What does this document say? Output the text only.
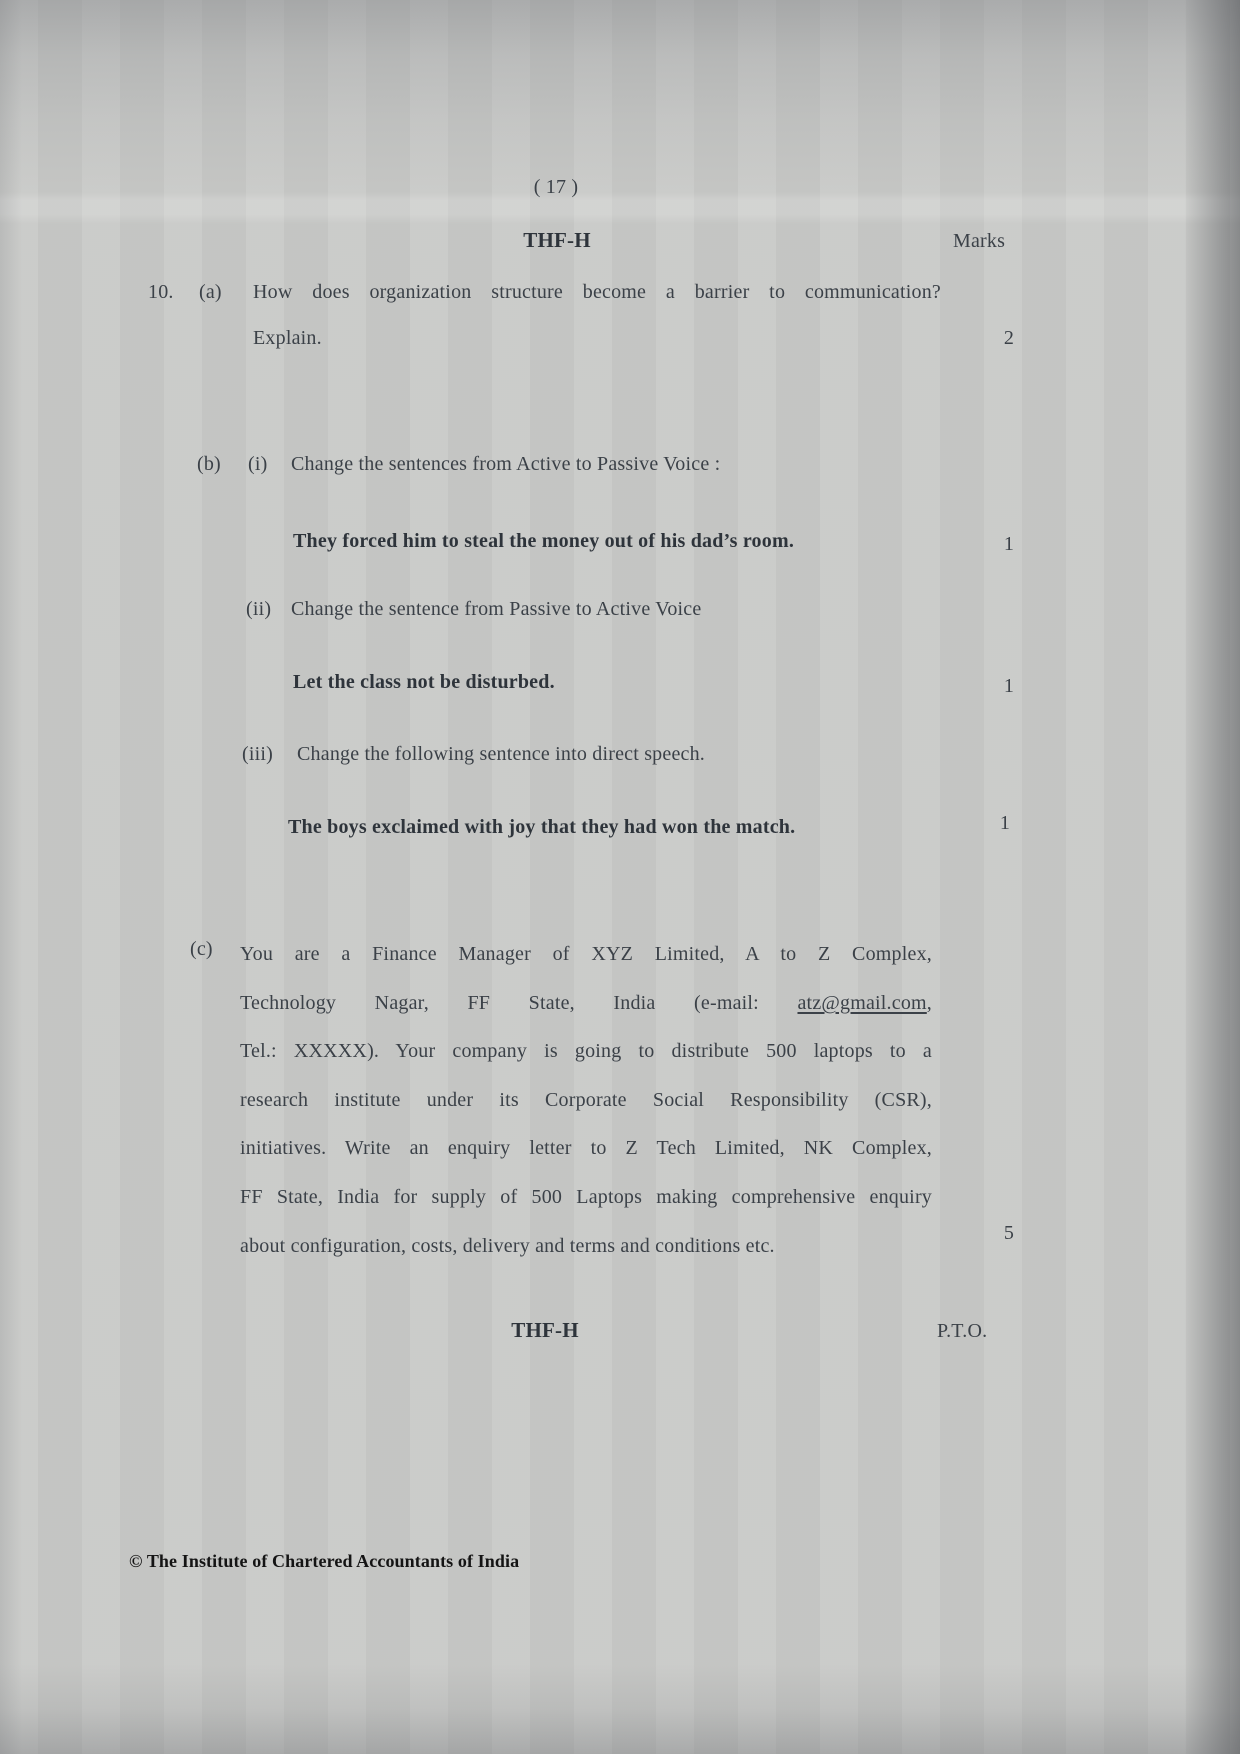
( 17 )
THF-H	Marks
10. (a) How does organization structure become a barrier to communication?
Explain.	2
(b) (i) Change the sentences from Active to Passive Voice :
They forced him to steal the money out of his dad’s room.	1
(ii) Change the sentence from Passive to Active Voice
Let the class not be disturbed.	1
(iii) Change the following sentence into direct speech.
The boys exclaimed with joy that they had won the match.	1
(c) You are a Finance Manager of XYZ Limited, A to Z Complex,
Technology Nagar, FF State, India (e-mail: atz@gmail.com,
Tel.: XXXXX). Your company is going to distribute 500 laptops to a
research institute under its Corporate Social Responsibility (CSR),
initiatives. Write an enquiry letter to Z Tech Limited, NK Complex,
FF State, India for supply of 500 Laptops making comprehensive enquiry
about configuration, costs, delivery and terms and conditions etc.
5
THF-H	P.T.O.
© The Institute of Chartered Accountants of India
